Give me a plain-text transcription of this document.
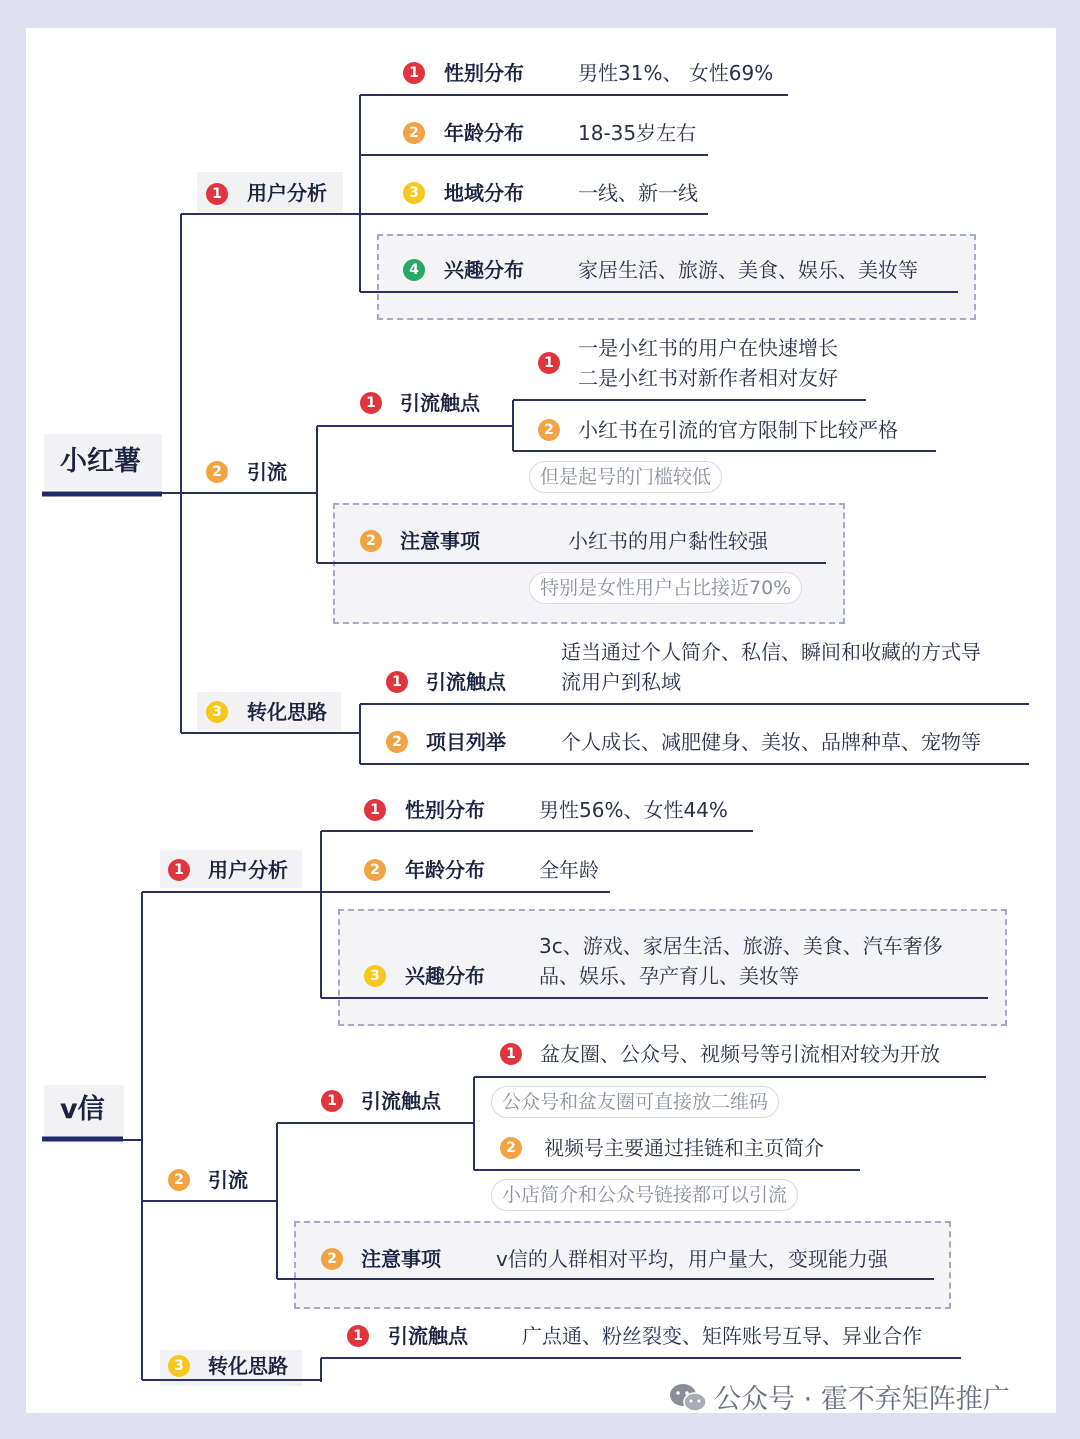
小红薯
1	用户分析
1	性别分布	男性31%、 女性69%
2	年龄分布	18-35岁左右
3	地域分布	一线、新一线
4	兴趣分布	家居生活、旅游、美食、娱乐、美妆等
2	引流
1	引流触点
1
一是小红书的用户在快速增长
二是小红书对新作者相对友好
2	小红书在引流的官方限制下比较严格
但是起号的门槛较低
2	注意事项	小红书的用户黏性较强
特别是女性用户占比接近70%
3	转化思路
1	引流触点
适当通过个人简介、私信、瞬间和收藏的方式导
流用户到私域
2	项目列举	个人成长、减肥健身、美妆、品牌种草、宠物等
v信
1	用户分析
1	性别分布	男性56%、女性44%
2	年龄分布	全年龄
3	兴趣分布
3c、游戏、家居生活、旅游、美食、汽车奢侈
品、娱乐、孕产育儿、美妆等
2	引流
1	引流触点
1	盆友圈、公众号、视频号等引流相对较为开放
公众号和盆友圈可直接放二维码
2	视频号主要通过挂链和主页简介
小店简介和公众号链接都可以引流
2	注意事项	v信的人群相对平均，用户量大，变现能力强
3	转化思路
1	引流触点	广点通、粉丝裂变、矩阵账号互导、异业合作
公众号 · 霍不弃矩阵推广
